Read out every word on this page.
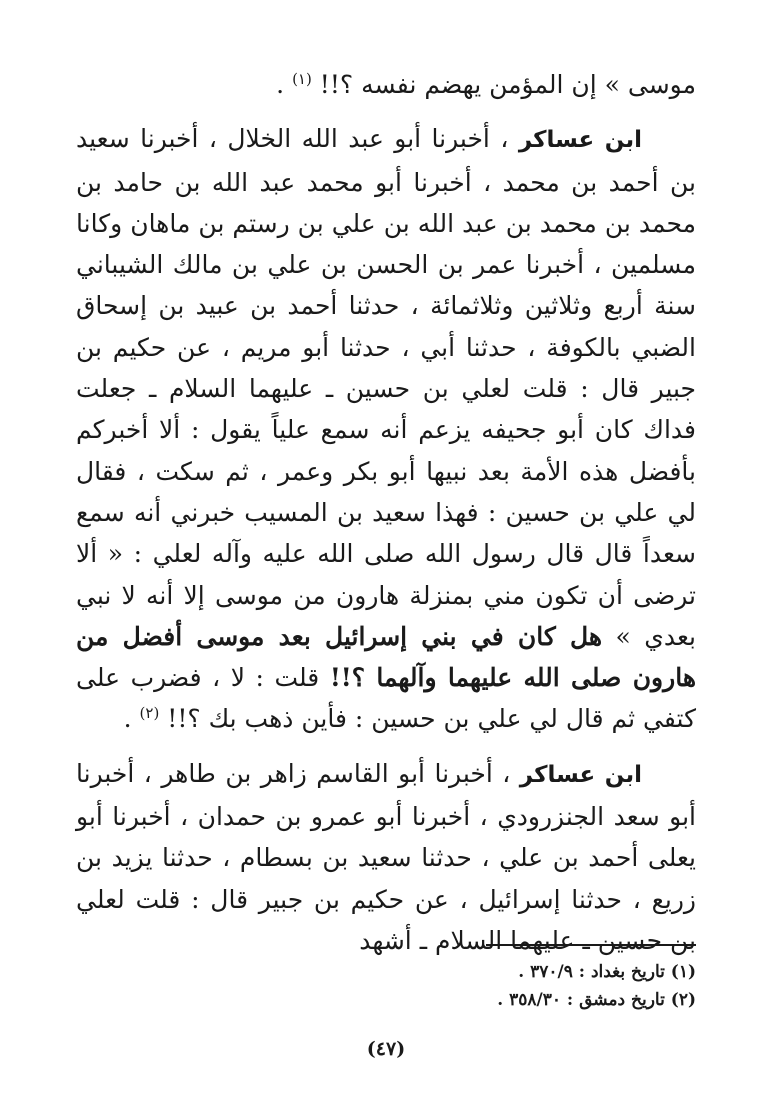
موسى » إن المؤمن يهضم نفسه ؟!! $^{(١)}$ .

ابن عساكر ، أخبرنا أبو عبد الله الخلال ، أخبرنا سعيد بن أحمد بن محمد ، أخبرنا أبو محمد عبد الله بن حامد بن محمد بن محمد بن عبد الله بن علي بن رستم بن ماهان وكانا مسلمين ، أخبرنا عمر بن الحسن بن علي بن مالك الشيباني سنة أربع وثلاثين وثلاثمائة ، حدثنا أحمد بن عبيد بن إسحاق الضبي بالكوفة ، حدثنا أبي ، حدثنا أبو مريم ، عن حكيم بن جبير قال : قلت لعلي بن حسين ـ عليهما السلام ـ جعلت فداك كان أبو جحيفه يزعم أنه سمع علياً يقول : ألا أخبركم بأفضل هذه الأمة بعد نبيها أبو بكر وعمر ، ثم سكت ، فقال لي علي بن حسين : فهذا سعيد بن المسيب خبرني أنه سمع سعداً قال قال رسول الله صلى الله عليه وآله لعلي : « ألا ترضى أن تكون مني بمنزلة هارون من موسى إلا أنه لا نبي بعدي » هل كان في بني إسرائيل بعد موسى أفضل من هارون صلى الله عليهما وآلهما ؟!! قلت : لا ، فضرب على كتفي ثم قال لي علي بن حسين : فأين ذهب بك ؟!! $^{(٢)}$ .

ابن عساكر ، أخبرنا أبو القاسم زاهر بن طاهر ، أخبرنا أبو سعد الجنزرودي ، أخبرنا أبو عمرو بن حمدان ، أخبرنا أبو يعلى أحمد بن علي ، حدثنا سعيد بن بسطام ، حدثنا يزيد بن زريع ، حدثنا إسرائيل ، عن حكيم بن جبير قال : قلت لعلي بن حسين ـ عليهما السلام ـ أشهد

(١) تاريخ بغداد : ٣٧٠/٩ .

(٢) تاريخ دمشق : ٣٥٨/٣٠ .

(٤٧)
